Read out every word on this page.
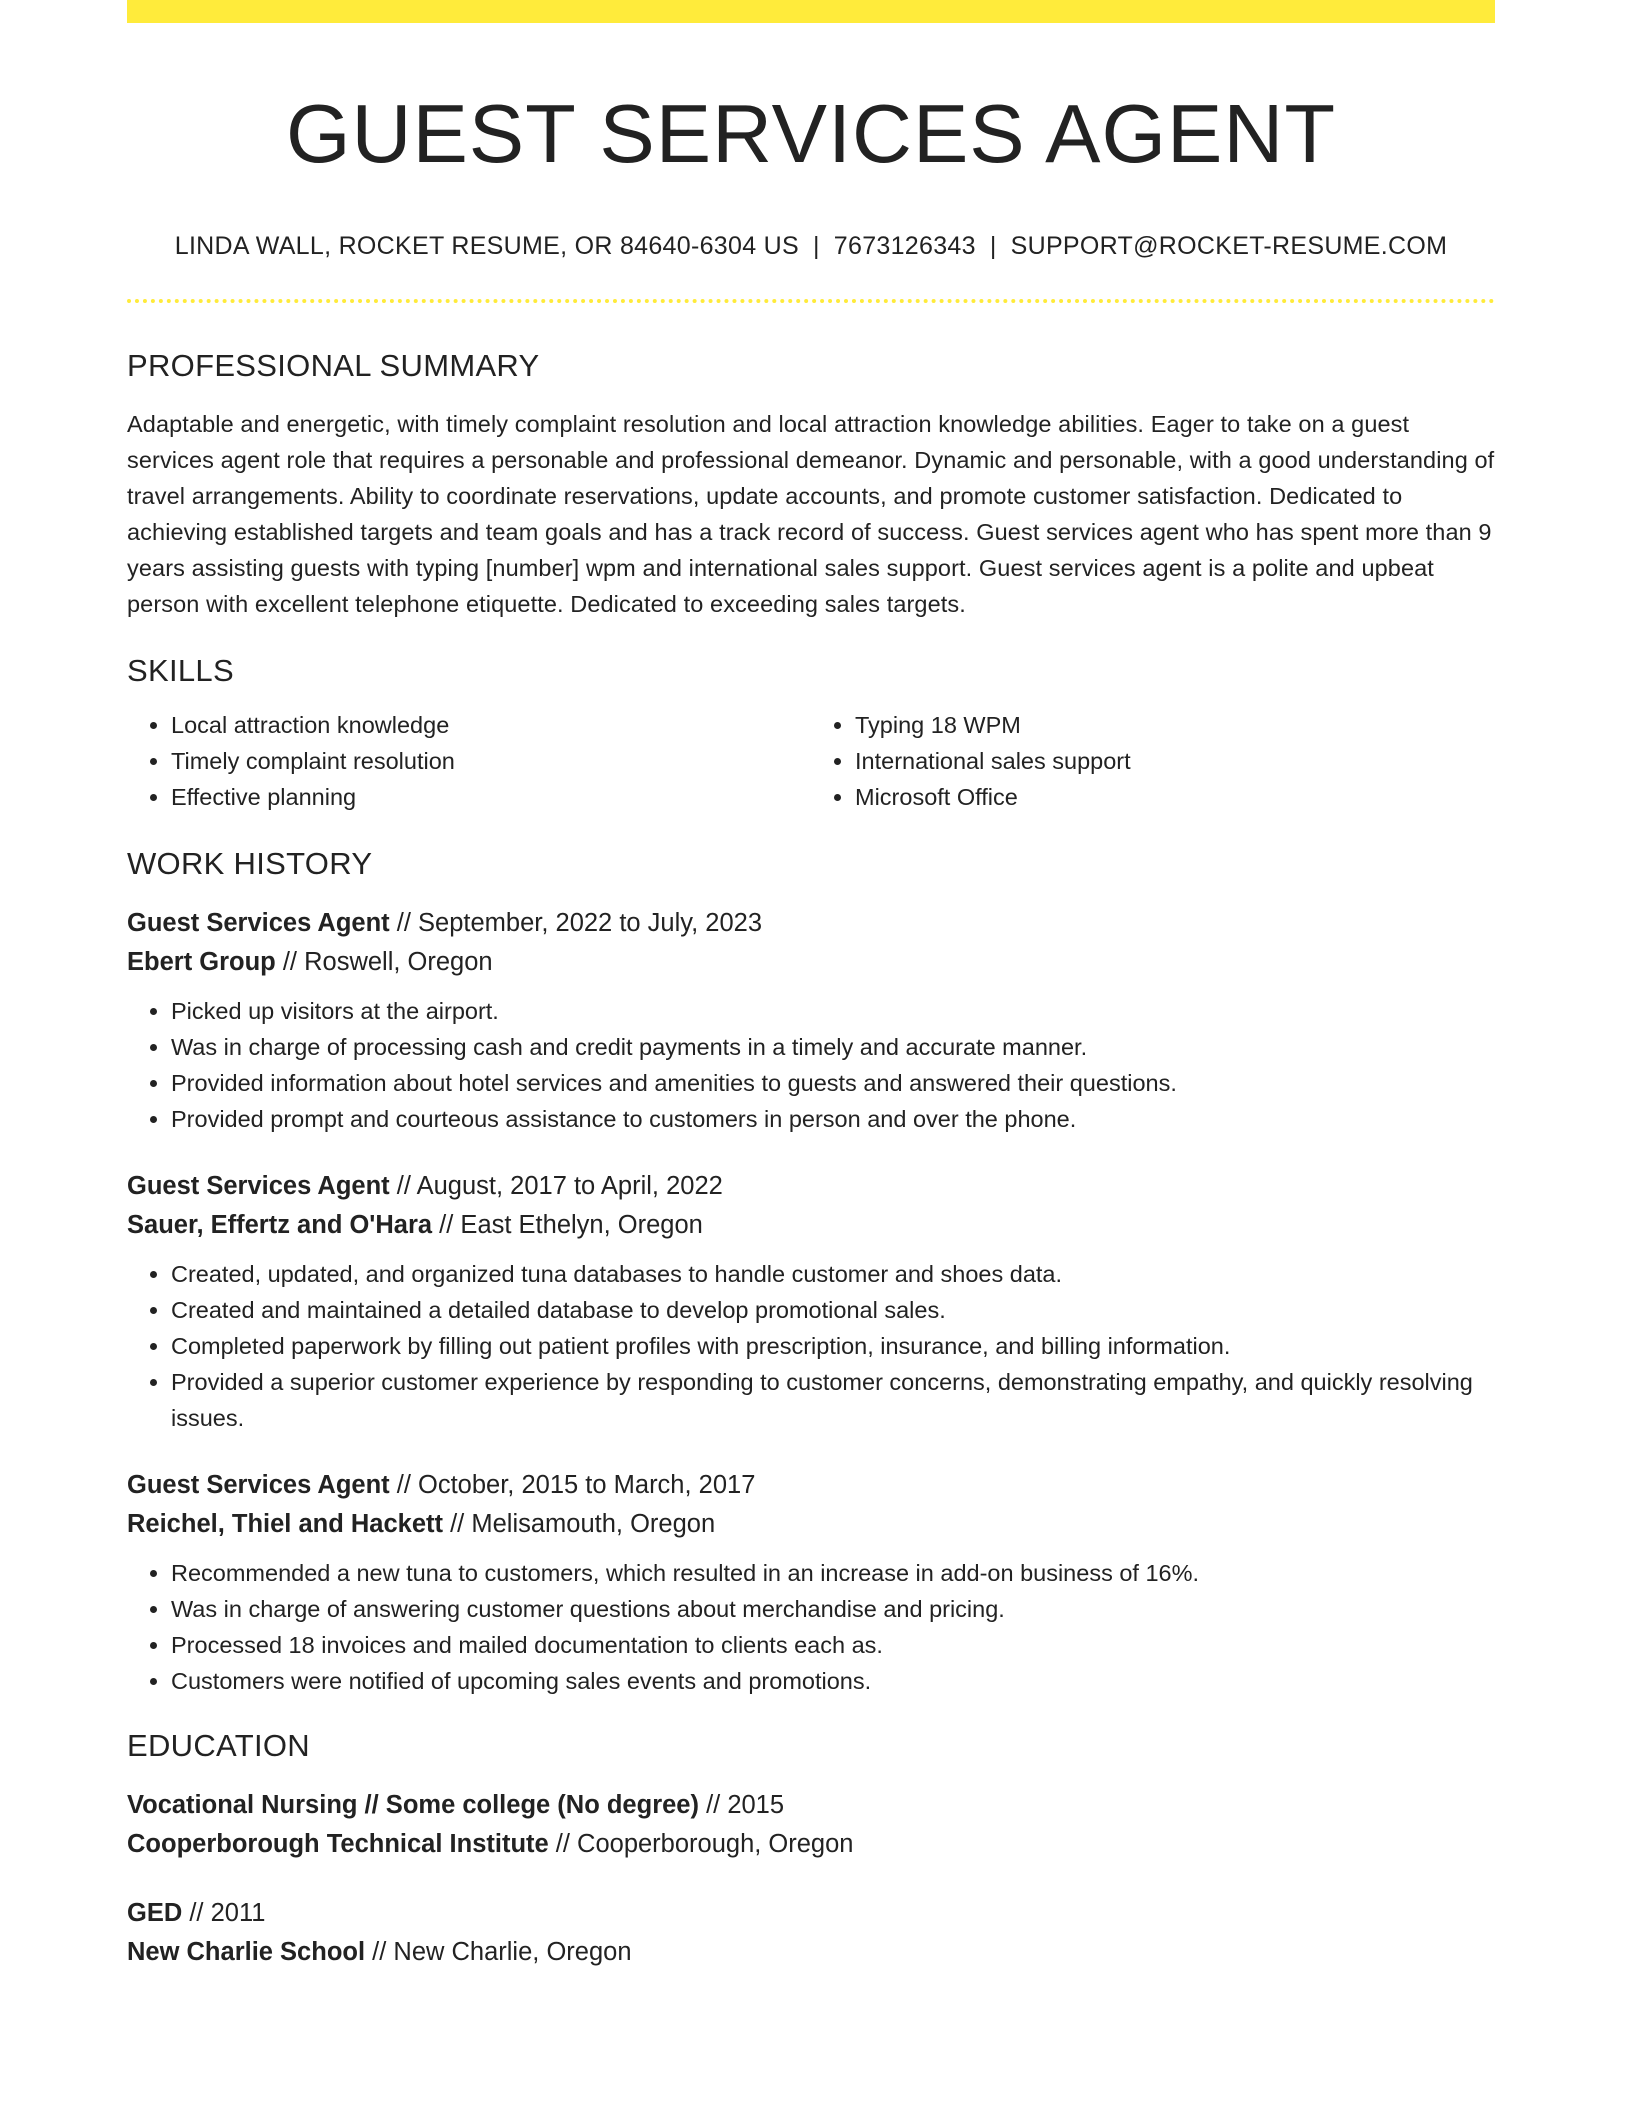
GUEST SERVICES AGENT
LINDA WALL, ROCKET RESUME, OR 84640-6304 US | 7673126343 | SUPPORT@ROCKET-RESUME.COM
PROFESSIONAL SUMMARY

Adaptable and energetic, with timely complaint resolution and local attraction knowledge abilities. Eager to take on a guest services agent role that requires a personable and professional demeanor. Dynamic and personable, with a good understanding of travel arrangements. Ability to coordinate reservations, update accounts, and promote customer satisfaction. Dedicated to achieving established targets and team goals and has a track record of success. Guest services agent who has spent more than 9 years assisting guests with typing [number] wpm and international sales support. Guest services agent is a polite and upbeat person with excellent telephone etiquette. Dedicated to exceeding sales targets.

SKILLS
• Local attraction knowledge
• Timely complaint resolution
• Effective planning
• Typing 18 WPM
• International sales support
• Microsoft Office
WORK HISTORY
Guest Services Agent // September, 2022 to July, 2023
Ebert Group // Roswell, Oregon
• Picked up visitors at the airport.
• Was in charge of processing cash and credit payments in a timely and accurate manner.
• Provided information about hotel services and amenities to guests and answered their questions.
• Provided prompt and courteous assistance to customers in person and over the phone.
Guest Services Agent // August, 2017 to April, 2022
Sauer, Effertz and O'Hara // East Ethelyn, Oregon
• Created, updated, and organized tuna databases to handle customer and shoes data.
• Created and maintained a detailed database to develop promotional sales.
• Completed paperwork by filling out patient profiles with prescription, insurance, and billing information.
• Provided a superior customer experience by responding to customer concerns, demonstrating empathy, and quickly resolving issues.
Guest Services Agent // October, 2015 to March, 2017
Reichel, Thiel and Hackett // Melisamouth, Oregon
• Recommended a new tuna to customers, which resulted in an increase in add-on business of 16%.
• Was in charge of answering customer questions about merchandise and pricing.
• Processed 18 invoices and mailed documentation to clients each as.
• Customers were notified of upcoming sales events and promotions.
EDUCATION
Vocational Nursing // Some college (No degree) // 2015
Cooperborough Technical Institute // Cooperborough, Oregon
GED // 2011
New Charlie School // New Charlie, Oregon
